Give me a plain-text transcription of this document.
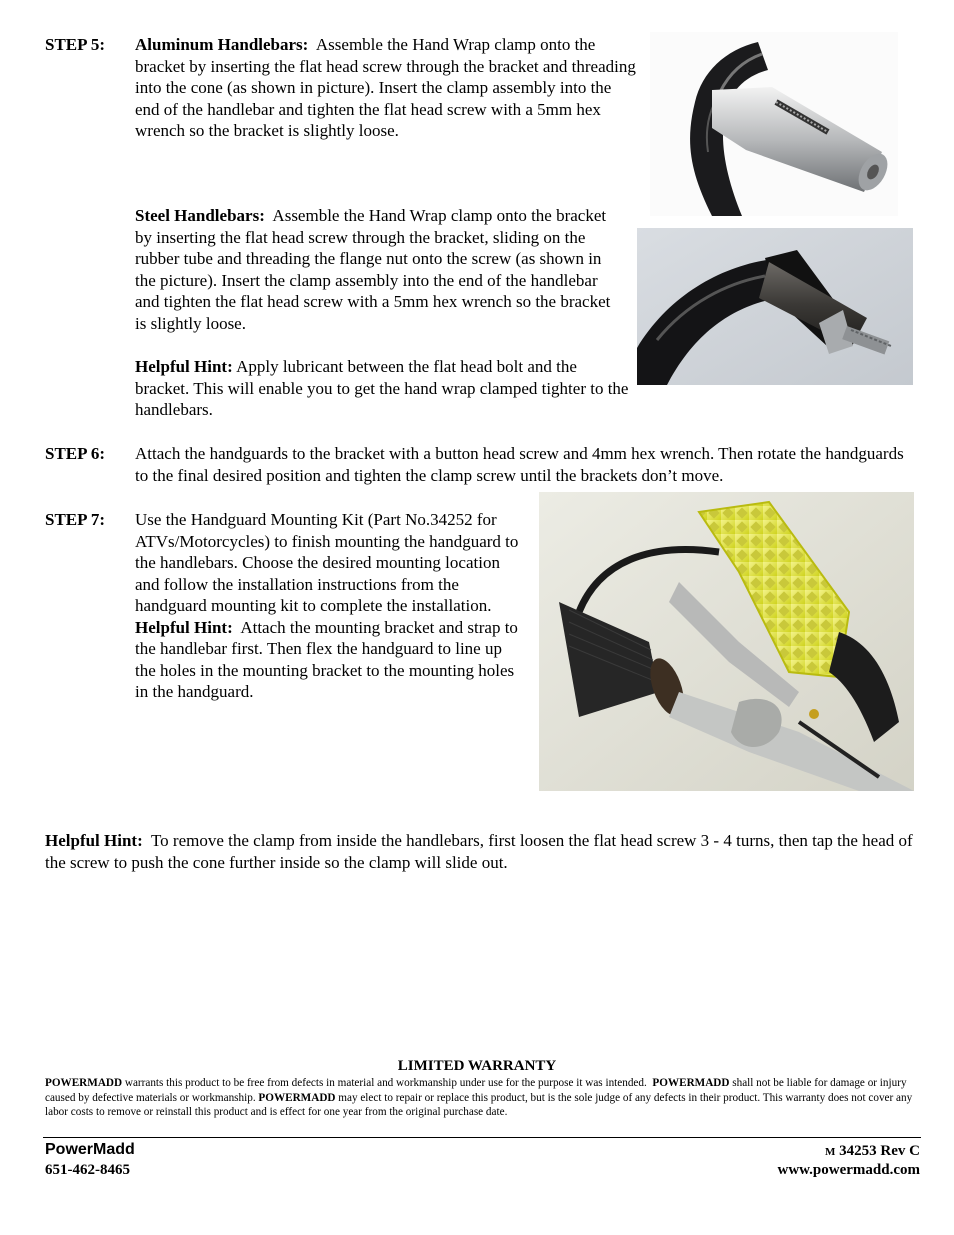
STEP 5: Aluminum Handlebars: Assemble the Hand Wrap clamp onto the bracket by inserting the flat head screw through the bracket and threading into the cone (as shown in picture). Insert the clamp assembly into the end of the handlebar and tighten the flat head screw with a 5mm hex wrench so the bracket is slightly loose.
Steel Handlebars: Assemble the Hand Wrap clamp onto the bracket by inserting the flat head screw through the bracket, sliding on the rubber tube and threading the flange nut onto the screw (as shown in the picture). Insert the clamp assembly into the end of the handlebar and tighten the flat head screw with a 5mm hex wrench so the bracket is slightly loose.
Helpful Hint: Apply lubricant between the flat head bolt and the bracket. This will enable you to get the hand wrap clamped tighter to the handlebars.
STEP 6: Attach the handguards to the bracket with a button head screw and 4mm hex wrench. Then rotate the handguards to the final desired position and tighten the clamp screw until the brackets don’t move.
STEP 7: Use the Handguard Mounting Kit (Part No.34252 for ATVs/Motorcycles) to finish mounting the handguard to the handlebars. Choose the desired mounting location and follow the installation instructions from the handguard mounting kit to complete the installation.
Helpful Hint: Attach the mounting bracket and strap to the handlebar first. Then flex the handguard to line up the holes in the mounting bracket to the mounting holes in the handguard.
Helpful Hint: To remove the clamp from inside the handlebars, first loosen the flat head screw 3 - 4 turns, then tap the head of the screw to push the cone further inside so the clamp will slide out.
LIMITED WARRANTY
POWERMADD warrants this product to be free from defects in material and workmanship under use for the purpose it was intended. POWERMADD shall not be liable for damage or injury caused by defective materials or workmanship. POWERMADD may elect to repair or replace this product, but is the sole judge of any defects in their product. This warranty does not cover any labor costs to remove or reinstall this product and is effect for one year from the original purchase date.
PowerMadd
651-462-8465
M 34253 Rev C
www.powermadd.com
